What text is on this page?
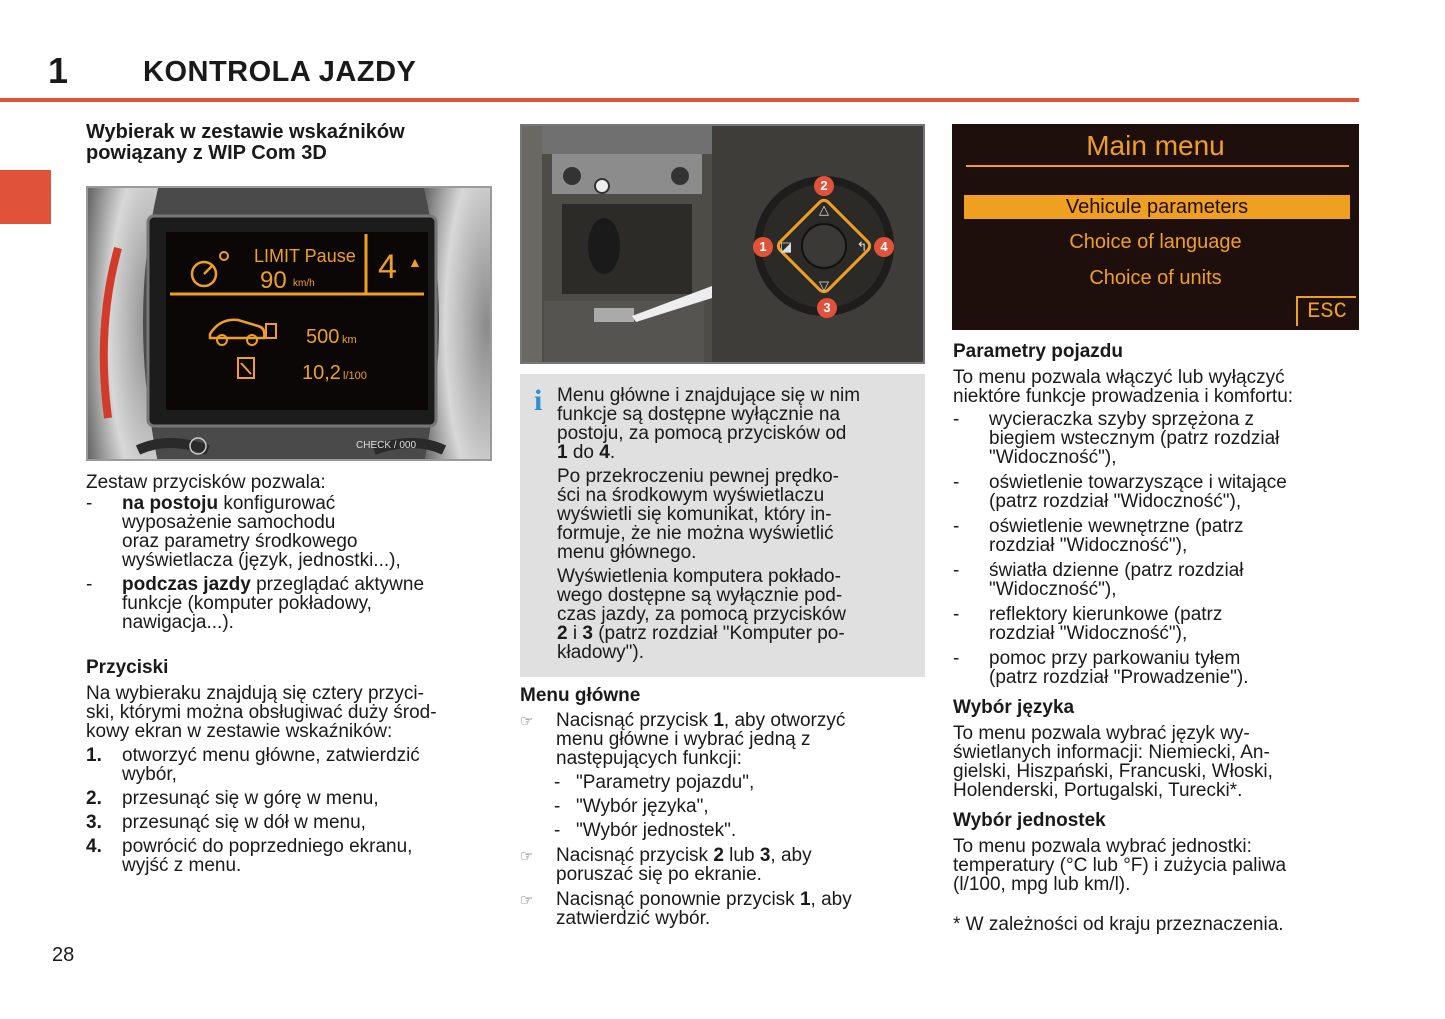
1	KONTROLA JAZDY
28

Wybierak w zestawie wskaźników

powiązany z WIP Com 3D

LIMIT Pause
90 km/h 4 ▲
500 km
10,2 l/100
CHECK / 000

Zestaw przycisków pozwala:

-	na postoju konfigurować

wyposażenie samochodu

oraz parametry środkowego

wyświetlacza (język, jednostki...),

-	podczas jazdy przeglądać aktywne

funkcje (komputer pokładowy,

nawigacja...).

Przyciski

Na wybieraku znajdują się cztery przyci-

ski, którymi można obsługiwać duży środ-

kowy ekran w zestawie wskaźników:

1.	otworzyć menu główne, zatwierdzić

wybór,

2.	przesunąć się w górę w menu,

3.	przesunąć się w dół w menu,

4.	powrócić do poprzedniego ekranu,

wyjść z menu.

△
▽
◪	↰
2
1	4
3
i Menu główne i znajdujące się w nim

funkcje są dostępne wyłącznie na

postoju, za pomocą przycisków od

1 do 4.

Po przekroczeniu pewnej prędko-

ści na środkowym wyświetlaczu

wyświetli się komunikat, który in-

formuje, że nie można wyświetlić

menu głównego.

Wyświetlenia komputera pokłado-

wego dostępne są wyłącznie pod-

czas jazdy, za pomocą przycisków

2 i 3 (patrz rozdział "Komputer po-

kładowy").

Menu główne

☞	Nacisnąć przycisk 1, aby otworzyć

menu główne i wybrać jedną z

następujących funkcji:

- "Parametry pojazdu",
- "Wybór języka",
- "Wybór jednostek".
☞	Nacisnąć przycisk 2 lub 3, aby

poruszać się po ekranie.

☞	Nacisnąć ponownie przycisk 1, aby

zatwierdzić wybór.

Main menu
Vehicule parameters
Choice of language
Choice of units
ESC

Parametry pojazdu

To menu pozwala włączyć lub wyłączyć

niektóre funkcje prowadzenia i komfortu:

-	wycieraczka szyby sprzężona z

biegiem wstecznym (patrz rozdział

"Widoczność"),

-	oświetlenie towarzyszące i witające

(patrz rozdział "Widoczność"),

-	oświetlenie wewnętrzne (patrz

rozdział "Widoczność"),

-	światła dzienne (patrz rozdział

"Widoczność"),

-	reflektory kierunkowe (patrz

rozdział "Widoczność"),

-	pomoc przy parkowaniu tyłem

(patrz rozdział "Prowadzenie").

Wybór języka

To menu pozwala wybrać język wy-

świetlanych informacji: Niemiecki, An-

gielski, Hiszpański, Francuski, Włoski,

Holenderski, Portugalski, Turecki*.

Wybór jednostek

To menu pozwala wybrać jednostki:

temperatury (°C lub °F) i zużycia paliwa

(l/100, mpg lub km/l).

* W zależności od kraju przeznaczenia.
